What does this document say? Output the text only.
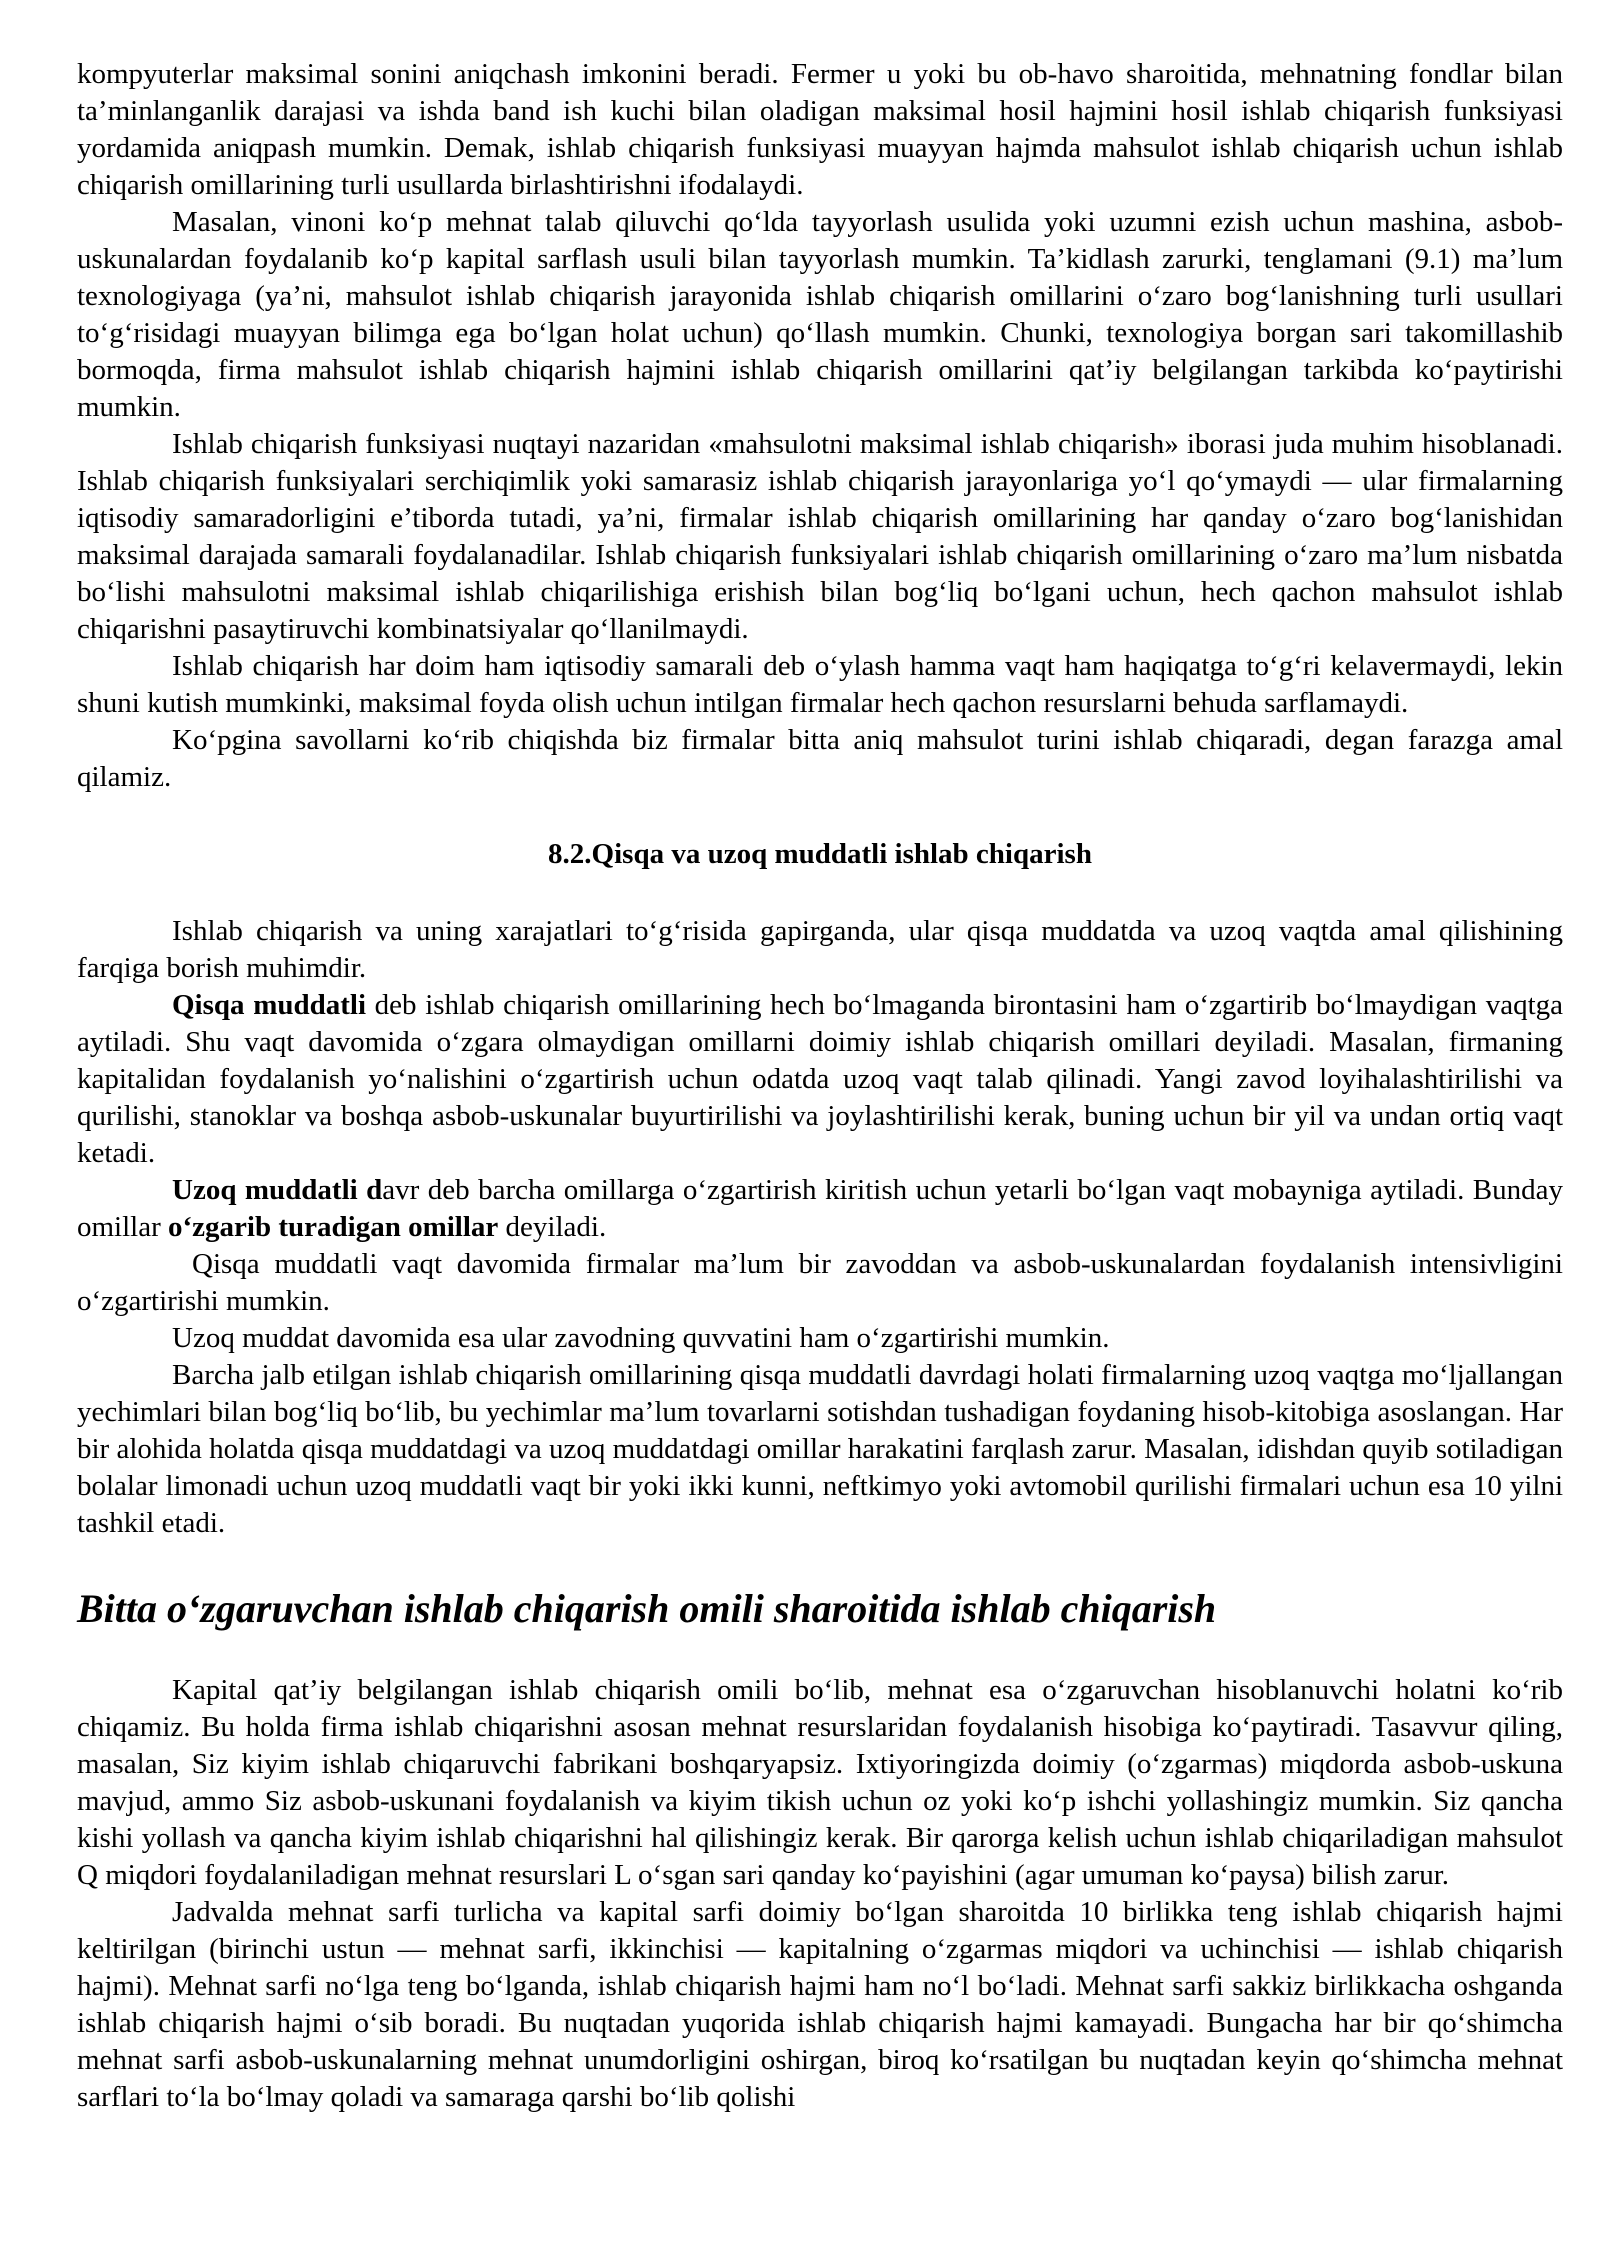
kompyuterlar maksimal sonini aniqchash imkonini beradi. Fermer u yoki bu ob-havo sharoitida, mehnatning fondlar bilan ta’minlanganlik darajasi va ishda band ish kuchi bilan oladigan maksimal hosil hajmini hosil ishlab chiqarish funksiyasi yordamida aniqpash mumkin. Demak, ishlab chiqarish funksiyasi muayyan hajmda mahsulot ishlab chiqarish uchun ishlab chiqarish omillarining turli usullarda birlashtirishni ifodalaydi.

Masalan, vinoni ko‘p mehnat talab qiluvchi qo‘lda tayyorlash usulida yoki uzumni ezish uchun mashina, asbob-uskunalardan foydalanib ko‘p kapital sarflash usuli bilan tayyorlash mumkin. Ta’kidlash zarurki, tenglamani (9.1) ma’lum texnologiyaga (ya’ni, mahsulot ishlab chiqarish jarayonida ishlab chiqarish omillarini o‘zaro bog‘lanishning turli usullari to‘g‘risidagi muayyan bilimga ega bo‘lgan holat uchun) qo‘llash mumkin. Chunki, texnologiya borgan sari takomillashib bormoqda, firma mahsulot ishlab chiqarish hajmini ishlab chiqarish omillarini qat’iy belgilangan tarkibda ko‘paytirishi mumkin.

Ishlab chiqarish funksiyasi nuqtayi nazaridan «mahsulotni maksimal ishlab chiqarish» iborasi juda muhim hisoblanadi. Ishlab chiqarish funksiyalari serchiqimlik yoki samarasiz ishlab chiqarish jarayonlariga yo‘l qo‘ymaydi — ular firmalarning iqtisodiy samaradorligini e’tiborda tutadi, ya’ni, firmalar ishlab chiqarish omillarining har qanday o‘zaro bog‘lanishidan maksimal darajada samarali foydalanadilar. Ishlab chiqarish funksiyalari ishlab chiqarish omillarining o‘zaro ma’lum nisbatda bo‘lishi mahsulotni maksimal ishlab chiqarilishiga erishish bilan bog‘liq bo‘lgani uchun, hech qachon mahsulot ishlab chiqarishni pasaytiruvchi kombinatsiyalar qo‘llanilmaydi.

Ishlab chiqarish har doim ham iqtisodiy samarali deb o‘ylash hamma vaqt ham haqiqatga to‘g‘ri kelavermaydi, lekin shuni kutish mumkinki, maksimal foyda olish uchun intilgan firmalar hech qachon resurslarni behuda sarflamaydi.

Ko‘pgina savollarni ko‘rib chiqishda biz firmalar bitta aniq mahsulot turini ishlab chiqaradi, degan farazga amal qilamiz.

8.2.Qisqa va uzoq muddatli ishlab chiqarish

Ishlab chiqarish va uning xarajatlari to‘g‘risida gapirganda, ular qisqa muddatda va uzoq vaqtda amal qilishining farqiga borish muhimdir.

Qisqa muddatli deb ishlab chiqarish omillarining hech bo‘lmaganda birontasini ham o‘zgartirib bo‘lmaydigan vaqtga aytiladi. Shu vaqt davomida o‘zgara olmaydigan omillarni doimiy ishlab chiqarish omillari deyiladi. Masalan, firmaning kapitalidan foydalanish yo‘nalishini o‘zgartirish uchun odatda uzoq vaqt talab qilinadi. Yangi zavod loyihalashtirilishi va qurilishi, stanoklar va boshqa asbob-uskunalar buyurtirilishi va joylashtirilishi kerak, buning uchun bir yil va undan ortiq vaqt ketadi.

Uzoq muddatli davr deb barcha omillarga o‘zgartirish kiritish uchun yetarli bo‘lgan vaqt mobayniga aytiladi. Bunday omillar o‘zgarib turadigan omillar deyiladi.

Qisqa muddatli vaqt davomida firmalar ma’lum bir zavoddan va asbob-uskunalardan foydalanish intensivligini o‘zgartirishi mumkin.

Uzoq muddat davomida esa ular zavodning quvvatini ham o‘zgartirishi mumkin.

Barcha jalb etilgan ishlab chiqarish omillarining qisqa muddatli davrdagi holati firmalarning uzoq vaqtga mo‘ljallangan yechimlari bilan bog‘liq bo‘lib, bu yechimlar ma’lum tovarlarni sotishdan tushadigan foydaning hisob-kitobiga asoslangan. Har bir alohida holatda qisqa muddatdagi va uzoq muddatdagi omillar harakatini farqlash zarur. Masalan, idishdan quyib sotiladigan bolalar limonadi uchun uzoq muddatli vaqt bir yoki ikki kunni, neftkimyo yoki avtomobil qurilishi firmalari uchun esa 10 yilni tashkil etadi.

Bitta o‘zgaruvchan ishlab chiqarish omili sharoitida ishlab chiqarish

Kapital qat’iy belgilangan ishlab chiqarish omili bo‘lib, mehnat esa o‘zgaruvchan hisoblanuvchi holatni ko‘rib chiqamiz. Bu holda firma ishlab chiqarishni asosan mehnat resurslaridan foydalanish hisobiga ko‘paytiradi. Tasavvur qiling, masalan, Siz kiyim ishlab chiqaruvchi fabrikani boshqaryapsiz. Ixtiyoringizda doimiy (o‘zgarmas) miqdorda asbob-uskuna mavjud, ammo Siz asbob-uskunani foydalanish va kiyim tikish uchun oz yoki ko‘p ishchi yollashingiz mumkin. Siz qancha kishi yollash va qancha kiyim ishlab chiqarishni hal qilishingiz kerak. Bir qarorga kelish uchun ishlab chiqariladigan mahsulot Q miqdori foydalaniladigan mehnat resurslari L o‘sgan sari qanday ko‘payishini (agar umuman ko‘paysa) bilish zarur.

Jadvalda mehnat sarfi turlicha va kapital sarfi doimiy bo‘lgan sharoitda 10 birlikka teng ishlab chiqarish hajmi keltirilgan (birinchi ustun — mehnat sarfi, ikkinchisi — kapitalning o‘zgarmas miqdori va uchinchisi — ishlab chiqarish hajmi). Mehnat sarfi no‘lga teng bo‘lganda, ishlab chiqarish hajmi ham no‘l bo‘ladi. Mehnat sarfi sakkiz birlikkacha oshganda ishlab chiqarish hajmi o‘sib boradi. Bu nuqtadan yuqorida ishlab chiqarish hajmi kamayadi. Bungacha har bir qo‘shimcha mehnat sarfi asbob-uskunalarning mehnat unumdorligini oshirgan, biroq ko‘rsatilgan bu nuqtadan keyin qo‘shimcha mehnat sarflari to‘la bo‘lmay qoladi va samaraga qarshi bo‘lib qolishi
